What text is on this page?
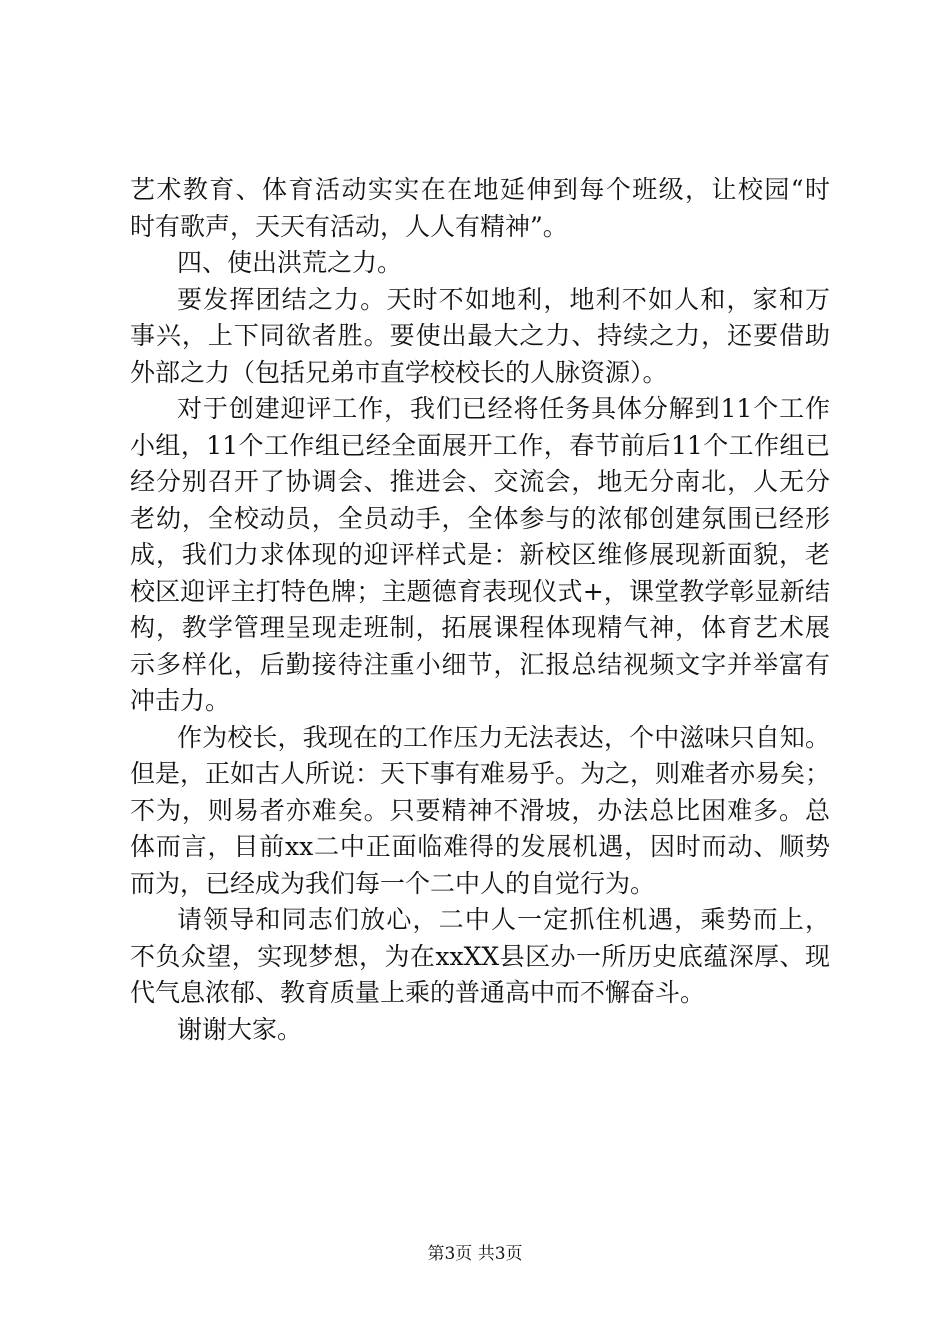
艺术教育、体育活动实实在在地延伸到每个班级，让校园“时
时有歌声，天天有活动，人人有精神”。
四、使出洪荒之力。
要发挥团结之力。天时不如地利，地利不如人和，家和万
事兴，上下同欲者胜。要使出最大之力、持续之力，还要借助
外部之力（包括兄弟市直学校校长的人脉资源）。
对于创建迎评工作，我们已经将任务具体分解到11个工作
小组，11个工作组已经全面展开工作，春节前后11个工作组已
经分别召开了协调会、推进会、交流会，地无分南北，人无分
老幼，全校动员，全员动手，全体参与的浓郁创建氛围已经形
成，我们力求体现的迎评样式是：新校区维修展现新面貌，老
校区迎评主打特色牌；主题德育表现仪式+，课堂教学彰显新结
构，教学管理呈现走班制，拓展课程体现精气神，体育艺术展
示多样化，后勤接待注重小细节，汇报总结视频文字并举富有
冲击力。
作为校长，我现在的工作压力无法表达，个中滋味只自知。
但是，正如古人所说：天下事有难易乎。为之，则难者亦易矣；
不为，则易者亦难矣。只要精神不滑坡，办法总比困难多。总
体而言，目前xx二中正面临难得的发展机遇，因时而动、顺势
而为，已经成为我们每一个二中人的自觉行为。
请领导和同志们放心，二中人一定抓住机遇，乘势而上，
不负众望，实现梦想，为在xxXX县区办一所历史底蕴深厚、现
代气息浓郁、教育质量上乘的普通高中而不懈奋斗。
谢谢大家。
第3页 共3页
